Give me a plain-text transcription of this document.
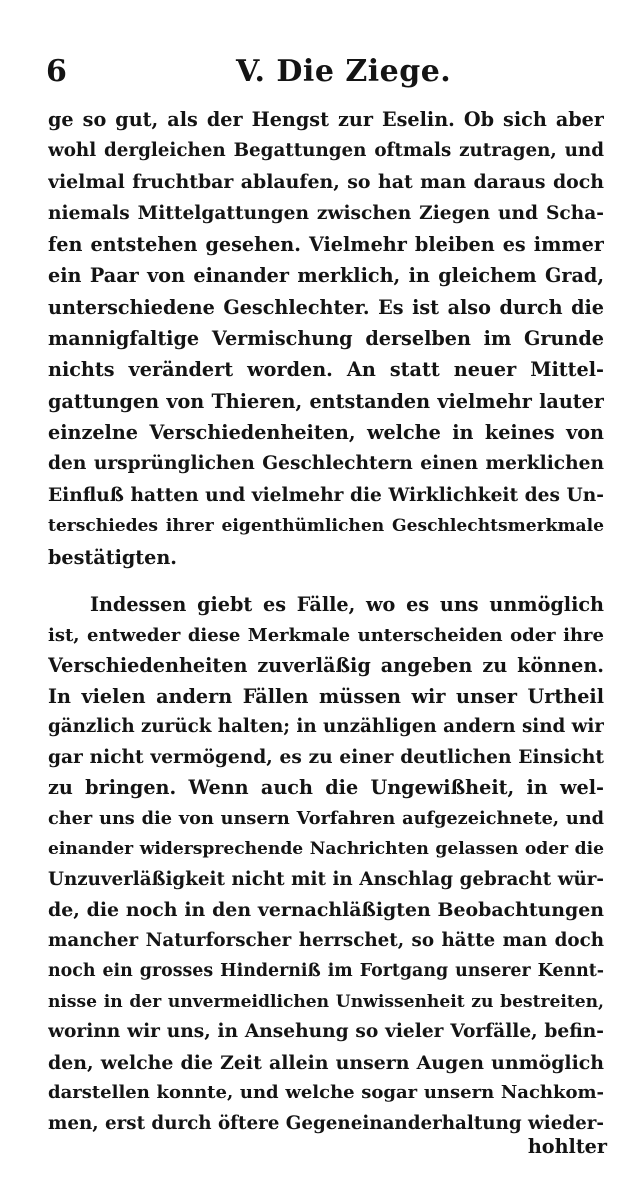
6	V. Die Ziege.
ge so gut, als der Hengst zur Eselin. Ob sich aber
wohl dergleichen Begattungen oftmals zutragen, und
vielmal fruchtbar ablaufen, so hat man daraus doch
niemals Mittelgattungen zwischen Ziegen und Scha-
fen entstehen gesehen. Vielmehr bleiben es immer
ein Paar von einander merklich, in gleichem Grad,
unterschiedene Geschlechter. Es ist also durch die
mannigfaltige Vermischung derselben im Grunde
nichts verändert worden. An statt neuer Mittel-
gattungen von Thieren, entstanden vielmehr lauter
einzelne Verschiedenheiten, welche in keines von
den ursprünglichen Geschlechtern einen merklichen
Einfluß hatten und vielmehr die Wirklichkeit des Un-
terschiedes ihrer eigenthümlichen Geschlechtsmerkmale
bestätigten.
Indessen giebt es Fälle, wo es uns unmöglich
ist, entweder diese Merkmale unterscheiden oder ihre
Verschiedenheiten zuverläßig angeben zu können.
In vielen andern Fällen müssen wir unser Urtheil
gänzlich zurück halten; in unzähligen andern sind wir
gar nicht vermögend, es zu einer deutlichen Einsicht
zu bringen. Wenn auch die Ungewißheit, in wel-
cher uns die von unsern Vorfahren aufgezeichnete, und
einander widersprechende Nachrichten gelassen oder die
Unzuverläßigkeit nicht mit in Anschlag gebracht wür-
de, die noch in den vernachläßigten Beobachtungen
mancher Naturforscher herrschet, so hätte man doch
noch ein grosses Hinderniß im Fortgang unserer Kennt-
nisse in der unvermeidlichen Unwissenheit zu bestreiten,
worinn wir uns, in Ansehung so vieler Vorfälle, befin-
den, welche die Zeit allein unsern Augen unmöglich
darstellen konnte, und welche sogar unsern Nachkom-
men, erst durch öftere Gegeneinanderhaltung wieder-
hohlter
